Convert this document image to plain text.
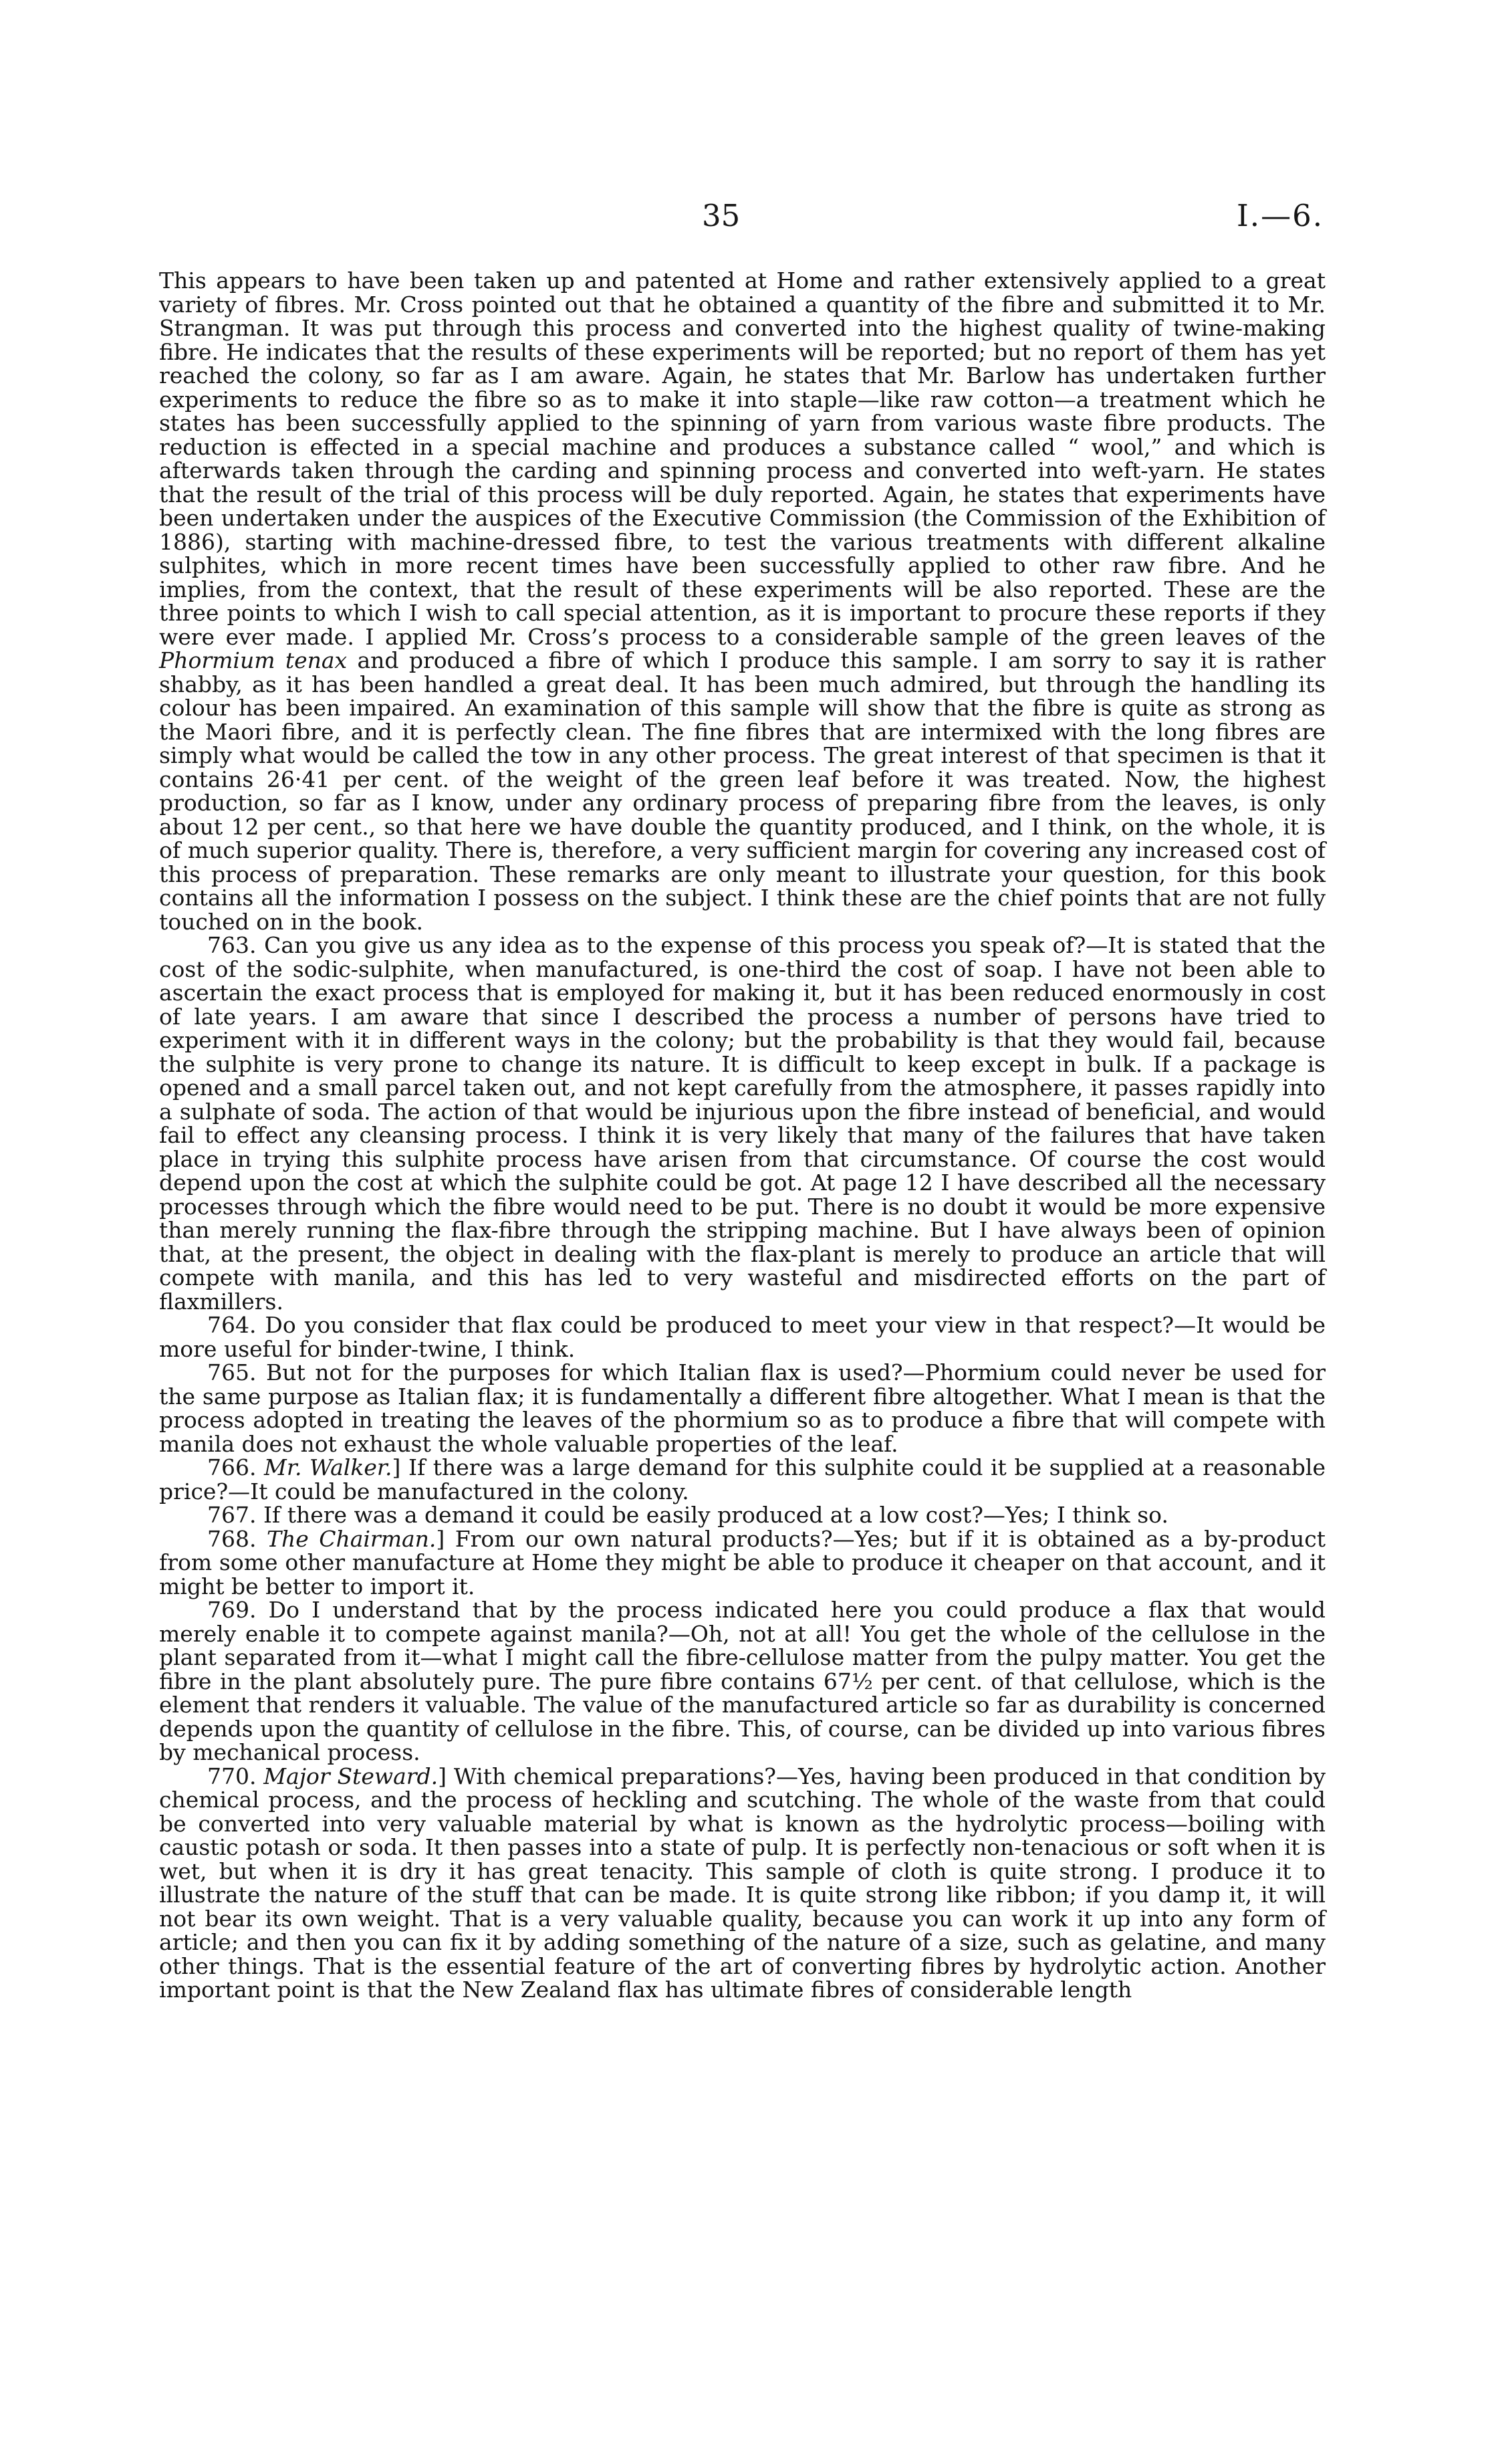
35	I.—6.

This appears to have been taken up and patented at Home and rather extensively applied to a great variety of fibres. Mr. Cross pointed out that he obtained a quantity of the fibre and submitted it to Mr. Strangman. It was put through this process and converted into the highest quality of twine-making fibre. He indicates that the results of these experiments will be reported; but no report of them has yet reached the colony, so far as I am aware. Again, he states that Mr. Barlow has undertaken further experiments to reduce the fibre so as to make it into staple—like raw cotton—a treatment which he states has been successfully applied to the spinning of yarn from various waste fibre products. The reduction is effected in a special machine and produces a substance called “ wool,” and which is afterwards taken through the carding and spinning process and converted into weft-yarn. He states that the result of the trial of this process will be duly reported. Again, he states that experiments have been undertaken under the auspices of the Executive Commission (the Commission of the Exhibition of 1886), starting with machine-dressed fibre, to test the various treatments with different alkaline sulphites, which in more recent times have been successfully applied to other raw fibre. And he implies, from the context, that the result of these experiments will be also reported. These are the three points to which I wish to call special attention, as it is important to procure these reports if they were ever made. I applied Mr. Cross’s process to a considerable sample of the green leaves of the Phormium tenax and produced a fibre of which I produce this sample. I am sorry to say it is rather shabby, as it has been handled a great deal. It has been much admired, but through the handling its colour has been impaired. An examination of this sample will show that the fibre is quite as strong as the Maori fibre, and it is perfectly clean. The fine fibres that are intermixed with the long fibres are simply what would be called the tow in any other process. The great interest of that specimen is that it contains 26·41 per cent. of the weight of the green leaf before it was treated. Now, the highest production, so far as I know, under any ordinary process of preparing fibre from the leaves, is only about 12 per cent., so that here we have double the quantity produced, and I think, on the whole, it is of much superior quality. There is, therefore, a very sufficient margin for covering any increased cost of this process of preparation. These remarks are only meant to illustrate your question, for this book contains all the information I possess on the subject. I think these are the chief points that are not fully touched on in the book.

763. Can you give us any idea as to the expense of this process you speak of?—It is stated that the cost of the sodic-sulphite, when manufactured, is one-third the cost of soap. I have not been able to ascertain the exact process that is employed for making it, but it has been reduced enormously in cost of late years. I am aware that since I described the process a number of persons have tried to experiment with it in different ways in the colony; but the probability is that they would fail, because the sulphite is very prone to change its nature. It is difficult to keep except in bulk. If a package is opened and a small parcel taken out, and not kept carefully from the atmosphere, it passes rapidly into a sulphate of soda. The action of that would be injurious upon the fibre instead of beneficial, and would fail to effect any cleansing process. I think it is very likely that many of the failures that have taken place in trying this sulphite process have arisen from that circumstance. Of course the cost would depend upon the cost at which the sulphite could be got. At page 12 I have described all the necessary processes through which the fibre would need to be put. There is no doubt it would be more expensive than merely running the flax-fibre through the stripping machine. But I have always been of opinion that, at the present, the object in dealing with the flax-plant is merely to produce an article that will compete with manila, and this has led to very wasteful and misdirected efforts on the part of flaxmillers.

764. Do you consider that flax could be produced to meet your view in that respect?—It would be more useful for binder-twine, I think.

765. But not for the purposes for which Italian flax is used?—Phormium could never be used for the same purpose as Italian flax; it is fundamentally a different fibre altogether. What I mean is that the process adopted in treating the leaves of the phormium so as to produce a fibre that will compete with manila does not exhaust the whole valuable properties of the leaf.

766. Mr. Walker.] If there was a large demand for this sulphite could it be supplied at a reasonable price?—It could be manufactured in the colony.

767. If there was a demand it could be easily produced at a low cost?—Yes; I think so.

768. The Chairman.] From our own natural products?—Yes; but if it is obtained as a by-product from some other manufacture at Home they might be able to produce it cheaper on that account, and it might be better to import it.

769. Do I understand that by the process indicated here you could produce a flax that would merely enable it to compete against manila?—Oh, not at all! You get the whole of the cellulose in the plant separated from it—what I might call the fibre-cellulose matter from the pulpy matter. You get the fibre in the plant absolutely pure. The pure fibre contains 67½ per cent. of that cellulose, which is the element that renders it valuable. The value of the manufactured article so far as durability is concerned depends upon the quantity of cellulose in the fibre. This, of course, can be divided up into various fibres by mechanical process.

770. Major Steward.] With chemical preparations?—Yes, having been produced in that condition by chemical process, and the process of heckling and scutching. The whole of the waste from that could be converted into very valuable material by what is known as the hydrolytic process—boiling with caustic potash or soda. It then passes into a state of pulp. It is perfectly non-tenacious or soft when it is wet, but when it is dry it has great tenacity. This sample of cloth is quite strong. I produce it to illustrate the nature of the stuff that can be made. It is quite strong like ribbon; if you damp it, it will not bear its own weight. That is a very valuable quality, because you can work it up into any form of article; and then you can fix it by adding something of the nature of a size, such as gelatine, and many other things. That is the essential feature of the art of converting fibres by hydrolytic action. Another important point is that the New Zealand flax has ultimate fibres of considerable length
